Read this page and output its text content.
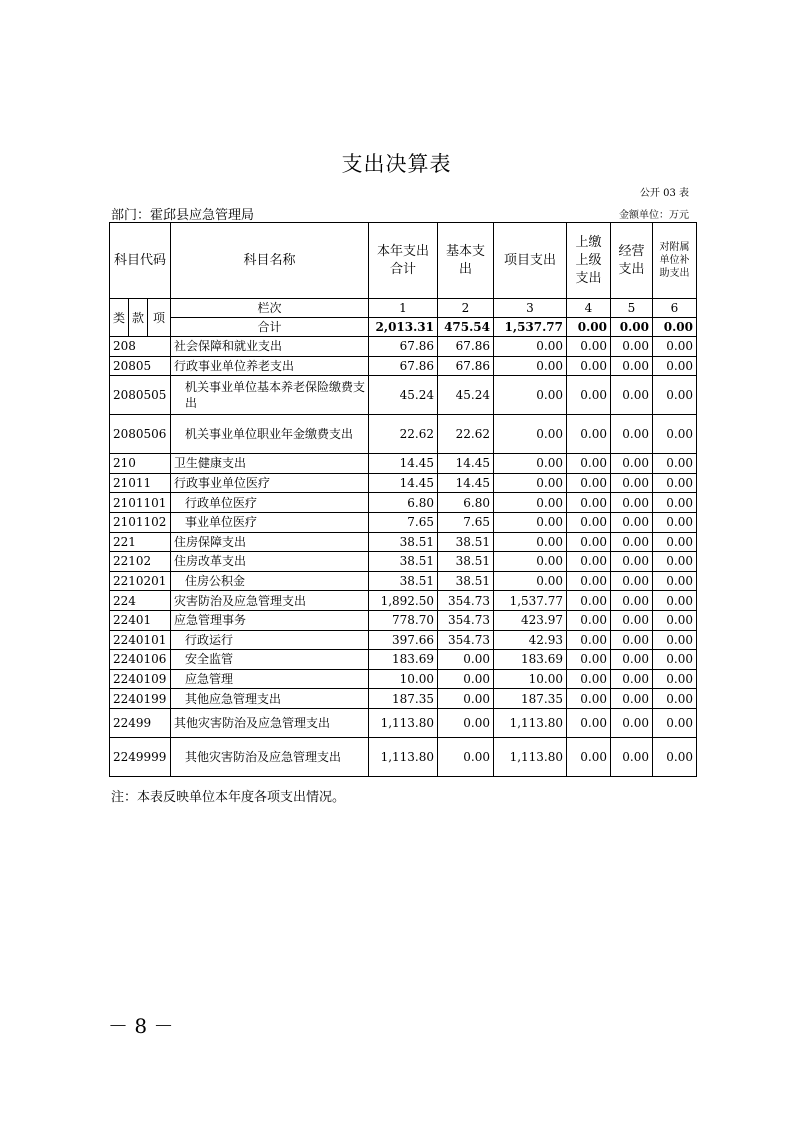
支出决算表
公开 03 表
部门：霍邱县应急管理局	金额单位：万元
科目代码			科目名称	本年支出合计	基本支出	项目支出	上缴上级支出	经营支出	对附属单位补助支出
类	款	项	栏次	1	2	3	4	5	6
			合计	2,013.31	475.54	1,537.77	0.00	0.00	0.00
208			社会保障和就业支出	67.86	67.86	0.00	0.00	0.00	0.00
20805			行政事业单位养老支出	67.86	67.86	0.00	0.00	0.00	0.00
2080505			机关事业单位基本养老保险缴费支出	45.24	45.24	0.00	0.00	0.00	0.00
2080506			机关事业单位职业年金缴费支出	22.62	22.62	0.00	0.00	0.00	0.00
210			卫生健康支出	14.45	14.45	0.00	0.00	0.00	0.00
21011			行政事业单位医疗	14.45	14.45	0.00	0.00	0.00	0.00
2101101			行政单位医疗	6.80	6.80	0.00	0.00	0.00	0.00
2101102			事业单位医疗	7.65	7.65	0.00	0.00	0.00	0.00
221			住房保障支出	38.51	38.51	0.00	0.00	0.00	0.00
22102			住房改革支出	38.51	38.51	0.00	0.00	0.00	0.00
2210201			住房公积金	38.51	38.51	0.00	0.00	0.00	0.00
224			灾害防治及应急管理支出	1,892.50	354.73	1,537.77	0.00	0.00	0.00
22401			应急管理事务	778.70	354.73	423.97	0.00	0.00	0.00
2240101			行政运行	397.66	354.73	42.93	0.00	0.00	0.00
2240106			安全监管	183.69	0.00	183.69	0.00	0.00	0.00
2240109			应急管理	10.00	0.00	10.00	0.00	0.00	0.00
2240199			其他应急管理支出	187.35	0.00	187.35	0.00	0.00	0.00
22499			其他灾害防治及应急管理支出	1,113.80	0.00	1,113.80	0.00	0.00	0.00
2249999			其他灾害防治及应急管理支出	1,113.80	0.00	1,113.80	0.00	0.00	0.00
注：本表反映单位本年度各项支出情况。
－ 8 －
